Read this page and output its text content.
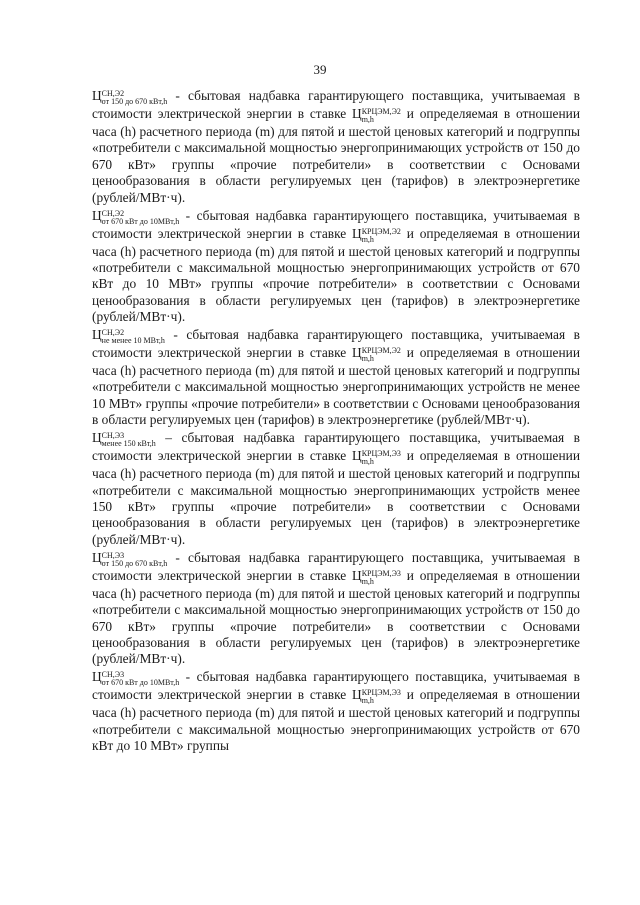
39

Ц СН,Э2
от 150 до 670 кВт,h - сбытовая надбавка гарантирующего поставщика, учитываемая в стоимости электрической энергии в ставке Ц КРЦЭМ,Э2
m,h	и определяемая в отношении часа (h) расчетного периода (m) для пятой и шестой ценовых категорий и подгруппы «потребители с максимальной мощностью энергопринимающих устройств от 150 до 670 кВт» группы «прочие потребители» в соответствии с Основами ценообразования в области регулируемых цен (тарифов) в электроэнергетике (рублей/МВт·ч).

Ц СН,Э2
от 670 кВт до 10МВт,h - сбытовая надбавка гарантирующего поставщика, учитываемая в стоимости электрической энергии в ставке Ц КРЦЭМ,Э2
m,h	и определяемая в отношении часа (h) расчетного периода (m) для пятой и шестой ценовых категорий и подгруппы «потребители с максимальной мощностью энергопринимающих устройств от 670 кВт до 10 МВт» группы «прочие потребители» в соответствии с Основами ценообразования в области регулируемых цен (тарифов) в электроэнергетике (рублей/МВт·ч).

Ц СН,Э2
не менее 10 МВт,h - сбытовая надбавка гарантирующего поставщика, учитываемая в стоимости электрической энергии в ставке Ц КРЦЭМ,Э2
m,h	и определяемая в отношении часа (h) расчетного периода (m) для пятой и шестой ценовых категорий и подгруппы «потребители с максимальной мощностью энергопринимающих устройств не менее 10 МВт» группы «прочие потребители» в соответствии с Основами ценообразования в области регулируемых цен (тарифов) в электроэнергетике (рублей/МВт·ч).

Ц СН,Э3
менее 150 кВт,h – сбытовая надбавка гарантирующего поставщика, учитываемая в стоимости электрической энергии в ставке Ц КРЦЭМ,Э3
m,h	и определяемая в отношении часа (h) расчетного периода (m) для пятой и шестой ценовых категорий и подгруппы «потребители с максимальной мощностью энергопринимающих устройств менее 150 кВт» группы «прочие потребители» в соответствии с Основами ценообразования в области регулируемых цен (тарифов) в электроэнергетике (рублей/МВт·ч).

Ц СН,Э3
от 150 до 670 кВт,h - сбытовая надбавка гарантирующего поставщика, учитываемая в стоимости электрической энергии в ставке Ц КРЦЭМ,Э3
m,h	и определяемая в отношении часа (h) расчетного периода (m) для пятой и шестой ценовых категорий и подгруппы «потребители с максимальной мощностью энергопринимающих устройств от 150 до 670 кВт» группы «прочие потребители» в соответствии с Основами ценообразования в области регулируемых цен (тарифов) в электроэнергетике (рублей/МВт·ч).

Ц СН,Э3
от 670 кВт до 10МВт,h - сбытовая надбавка гарантирующего поставщика, учитываемая в стоимости электрической энергии в ставке Ц КРЦЭМ,Э3
m,h	и определяемая в отношении часа (h) расчетного периода (m) для пятой и шестой ценовых категорий и подгруппы «потребители с максимальной мощностью энергопринимающих устройств от 670 кВт до 10 МВт» группы
